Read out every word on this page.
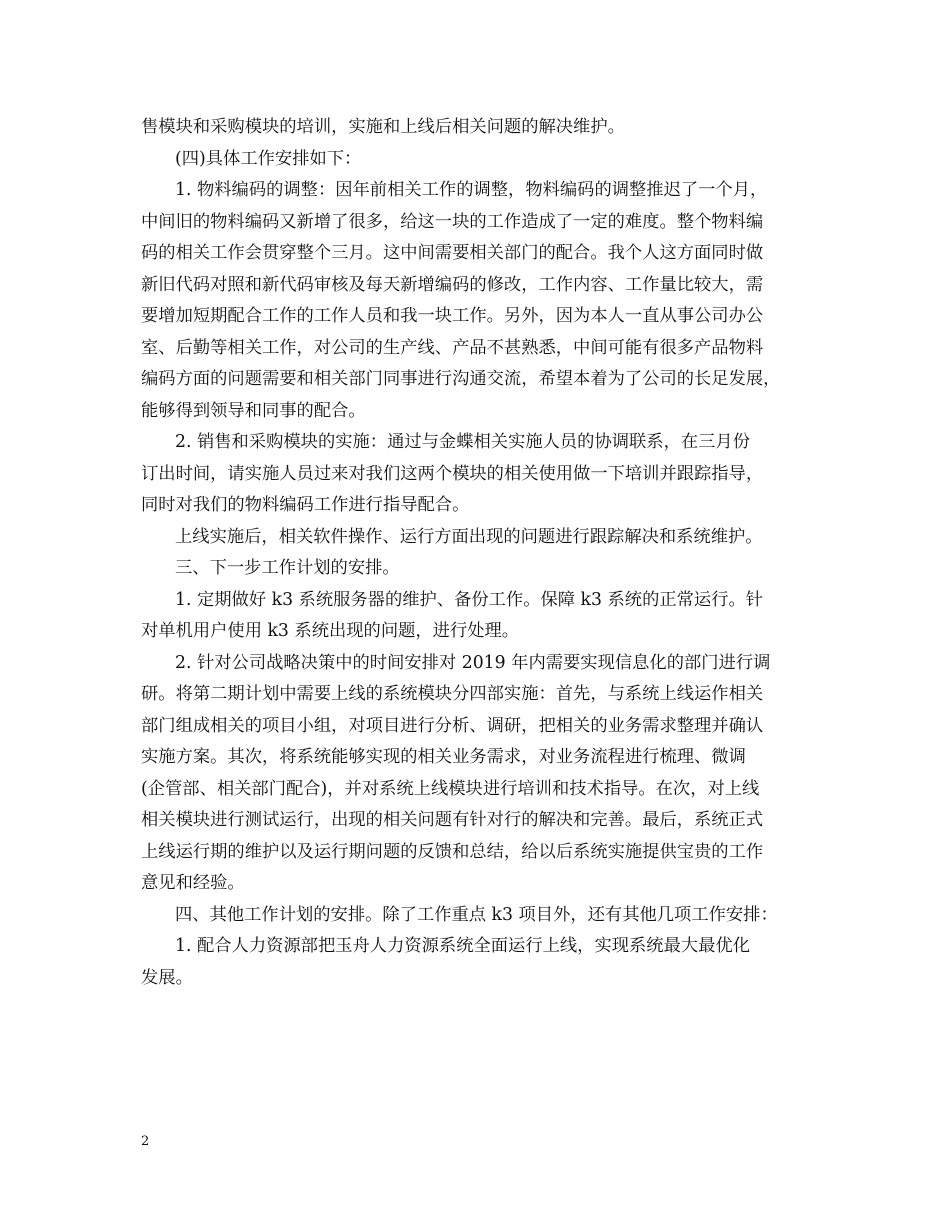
售模块和采购模块的培训，实施和上线后相关问题的解决维护。
(四)具体工作安排如下：
1. 物料编码的调整：因年前相关工作的调整，物料编码的调整推迟了一个月，
中间旧的物料编码又新增了很多，给这一块的工作造成了一定的难度。整个物料编
码的相关工作会贯穿整个三月。这中间需要相关部门的配合。我个人这方面同时做
新旧代码对照和新代码审核及每天新增编码的修改，工作内容、工作量比较大，需
要增加短期配合工作的工作人员和我一块工作。另外，因为本人一直从事公司办公
室、后勤等相关工作，对公司的生产线、产品不甚熟悉，中间可能有很多产品物料
编码方面的问题需要和相关部门同事进行沟通交流，希望本着为了公司的长足发展，
能够得到领导和同事的配合。
2. 销售和采购模块的实施：通过与金蝶相关实施人员的协调联系，在三月份
订出时间，请实施人员过来对我们这两个模块的相关使用做一下培训并跟踪指导，
同时对我们的物料编码工作进行指导配合。
上线实施后，相关软件操作、运行方面出现的问题进行跟踪解决和系统维护。
三、下一步工作计划的安排。
1. 定期做好 k3 系统服务器的维护、备份工作。保障 k3 系统的正常运行。针
对单机用户使用 k3 系统出现的问题，进行处理。
2. 针对公司战略决策中的时间安排对 2019 年内需要实现信息化的部门进行调
研。将第二期计划中需要上线的系统模块分四部实施：首先，与系统上线运作相关
部门组成相关的项目小组，对项目进行分析、调研，把相关的业务需求整理并确认
实施方案。其次，将系统能够实现的相关业务需求，对业务流程进行梳理、微调
(企管部、相关部门配合)，并对系统上线模块进行培训和技术指导。在次，对上线
相关模块进行测试运行，出现的相关问题有针对行的解决和完善。最后，系统正式
上线运行期的维护以及运行期问题的反馈和总结，给以后系统实施提供宝贵的工作
意见和经验。
四、其他工作计划的安排。除了工作重点 k3 项目外，还有其他几项工作安排：
1. 配合人力资源部把玉舟人力资源系统全面运行上线，实现系统最大最优化
发展。
2
